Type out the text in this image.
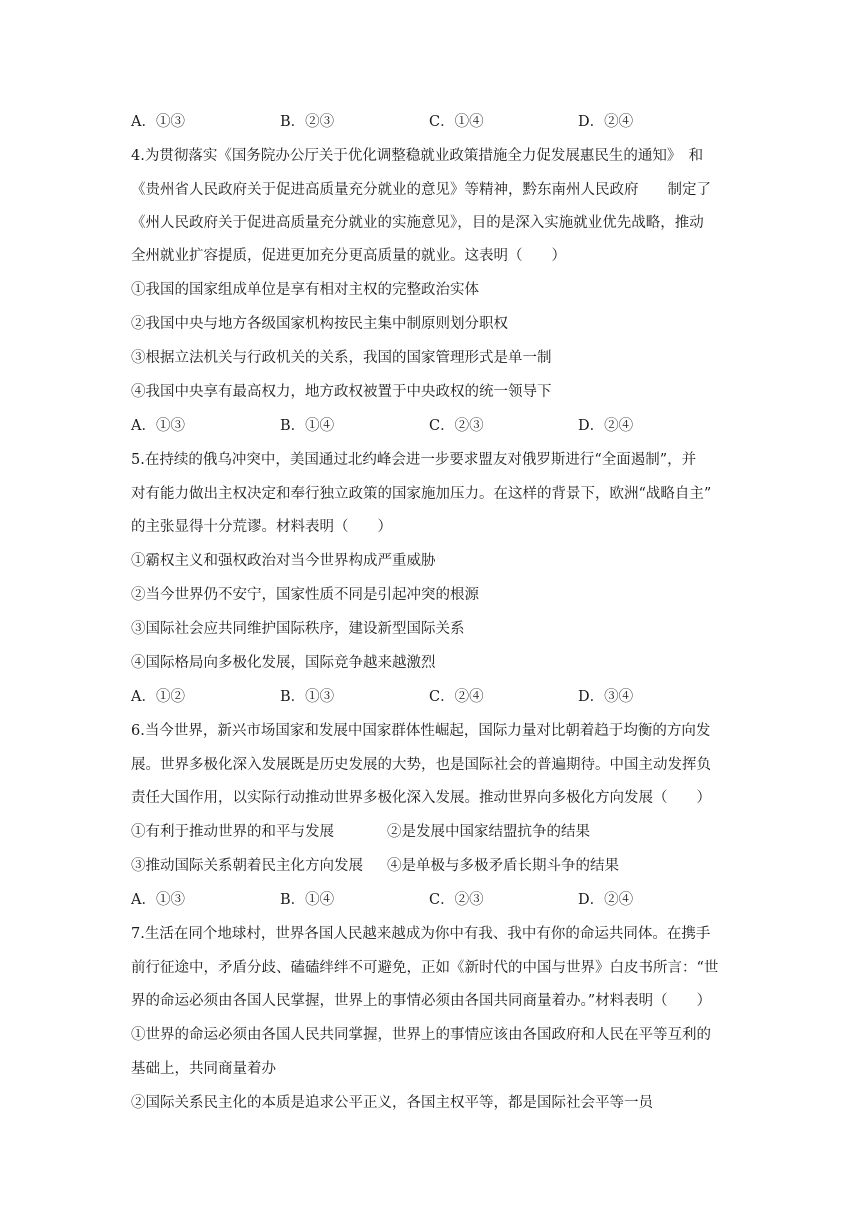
A．①③	B．②③	C．①④	D．②④
4.为贯彻落实《国务院办公厅关于优化调整稳就业政策措施全力促发展惠民生的通知》　和
《贵州省人民政府关于促进高质量充分就业的意见》等精神，黔东南州人民政府　　制定了
《州人民政府关于促进高质量充分就业的实施意见》，目的是深入实施就业优先战略，推动
全州就业扩容提质，促进更加充分更高质量的就业。这表明（　　）
①我国的国家组成单位是享有相对主权的完整政治实体
②我国中央与地方各级国家机构按民主集中制原则划分职权
③根据立法机关与行政机关的关系，我国的国家管理形式是单一制
④我国中央享有最高权力，地方政权被置于中央政权的统一领导下
A．①③	B．①④	C．②③	D．②④
5.在持续的俄乌冲突中，美国通过北约峰会进一步要求盟友对俄罗斯进行“全面遏制”，并
对有能力做出主权决定和奉行独立政策的国家施加压力。在这样的背景下，欧洲“战略自主”
的主张显得十分荒谬。材料表明（　　）
①霸权主义和强权政治对当今世界构成严重威胁
②当今世界仍不安宁，国家性质不同是引起冲突的根源
③国际社会应共同维护国际秩序，建设新型国际关系
④国际格局向多极化发展，国际竞争越来越激烈
A．①②	B．①③	C．②④	D．③④
6.当今世界，新兴市场国家和发展中国家群体性崛起，国际力量对比朝着趋于均衡的方向发
展。世界多极化深入发展既是历史发展的大势，也是国际社会的普遍期待。中国主动发挥负
责任大国作用，以实际行动推动世界多极化深入发展。推动世界向多极化方向发展（　　）
①有利于推动世界的和平与发展	②是发展中国家结盟抗争的结果
③推动国际关系朝着民主化方向发展 ④是单极与多极矛盾长期斗争的结果
A．①③	B．①④	C．②③	D．②④
7.生活在同个地球村，世界各国人民越来越成为你中有我、我中有你的命运共同体。在携手
前行征途中，矛盾分歧、磕磕绊绊不可避免，正如《新时代的中国与世界》白皮书所言：“世
界的命运必须由各国人民掌握，世界上的事情必须由各国共同商量着办。”材料表明（　　）
①世界的命运必须由各国人民共同掌握，世界上的事情应该由各国政府和人民在平等互利的
基础上，共同商量着办
②国际关系民主化的本质是追求公平正义，各国主权平等，都是国际社会平等一员
